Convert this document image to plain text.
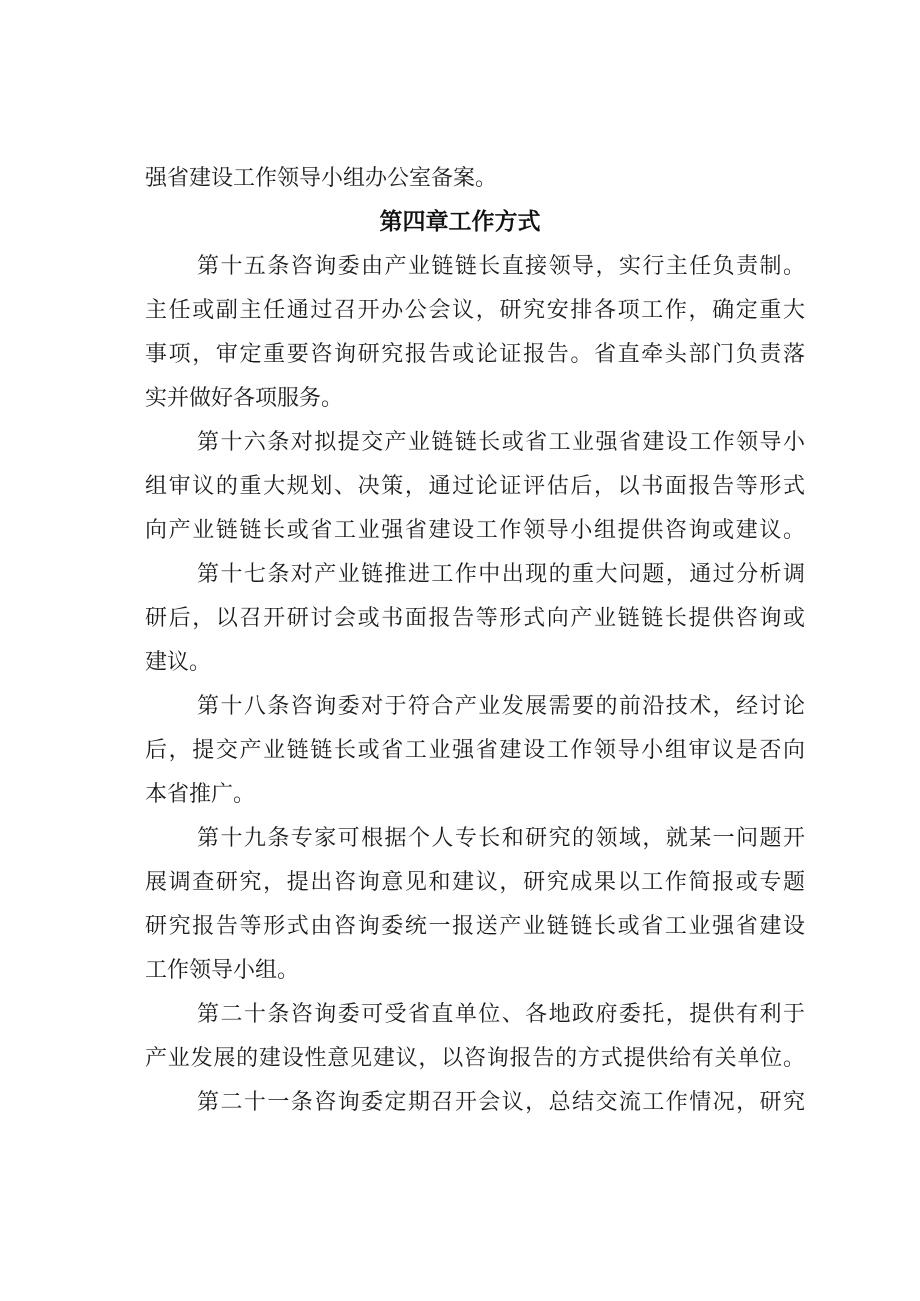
强省建设工作领导小组办公室备案。
第四章工作方式
第十五条咨询委由产业链链长直接领导，实行主任负责制。
主任或副主任通过召开办公会议，研究安排各项工作，确定重大
事项，审定重要咨询研究报告或论证报告。省直牵头部门负责落
实并做好各项服务。
第十六条对拟提交产业链链长或省工业强省建设工作领导小
组审议的重大规划、决策，通过论证评估后，以书面报告等形式
向产业链链长或省工业强省建设工作领导小组提供咨询或建议。
第十七条对产业链推进工作中出现的重大问题，通过分析调
研后，以召开研讨会或书面报告等形式向产业链链长提供咨询或
建议。
第十八条咨询委对于符合产业发展需要的前沿技术，经讨论
后，提交产业链链长或省工业强省建设工作领导小组审议是否向
本省推广。
第十九条专家可根据个人专长和研究的领域，就某一问题开
展调查研究，提出咨询意见和建议，研究成果以工作简报或专题
研究报告等形式由咨询委统一报送产业链链长或省工业强省建设
工作领导小组。
第二十条咨询委可受省直单位、各地政府委托，提供有利于
产业发展的建设性意见建议，以咨询报告的方式提供给有关单位。
第二十一条咨询委定期召开会议，总结交流工作情况，研究
